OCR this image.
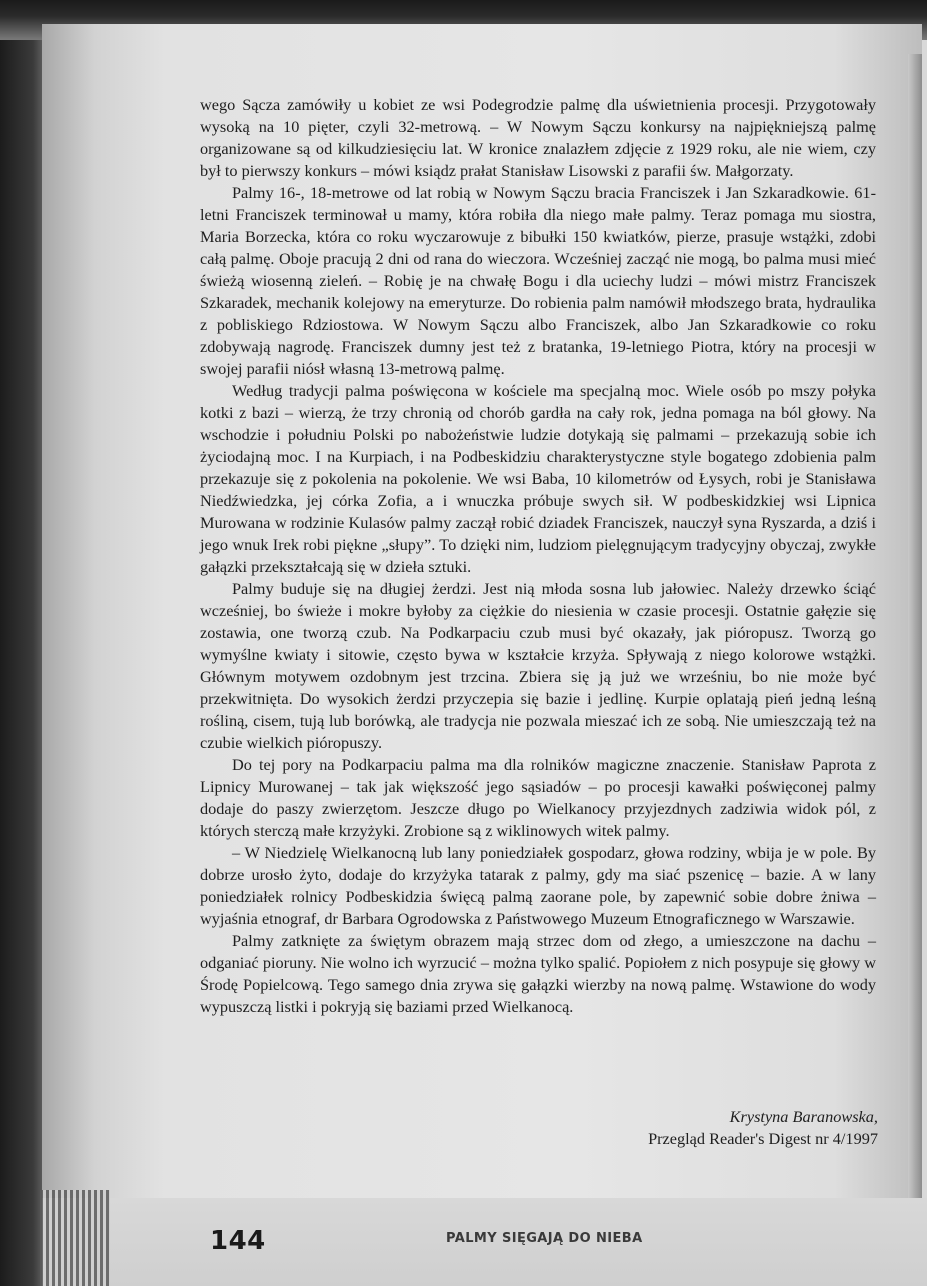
wego Sącza zamówiły u kobiet ze wsi Podegrodzie palmę dla uświetnienia procesji. Przygotowały wysoką na 10 pięter, czyli 32-metrową. – W Nowym Sączu konkursy na najpiękniejszą palmę organizowane są od kilkudziesięciu lat. W kronice znalazłem zdjęcie z 1929 roku, ale nie wiem, czy był to pierwszy konkurs – mówi ksiądz prałat Stanisław Lisowski z parafii św. Małgorzaty.

Palmy 16-, 18-metrowe od lat robią w Nowym Sączu bracia Franciszek i Jan Szkaradkowie. 61-letni Franciszek terminował u mamy, która robiła dla niego małe palmy. Teraz pomaga mu siostra, Maria Borzecka, która co roku wyczarowuje z bibułki 150 kwiatków, pierze, prasuje wstążki, zdobi całą palmę. Oboje pracują 2 dni od rana do wieczora. Wcześniej zacząć nie mogą, bo palma musi mieć świeżą wiosenną zieleń. – Robię je na chwałę Bogu i dla uciechy ludzi – mówi mistrz Franciszek Szkaradek, mechanik kolejowy na emeryturze. Do robienia palm namówił młodszego brata, hydraulika z pobliskiego Rdziostowa. W Nowym Sączu albo Franciszek, albo Jan Szkaradkowie co roku zdobywają nagrodę. Franciszek dumny jest też z bratanka, 19-letniego Piotra, który na procesji w swojej parafii niósł własną 13-metrową palmę.

Według tradycji palma poświęcona w kościele ma specjalną moc. Wiele osób po mszy połyka kotki z bazi – wierzą, że trzy chronią od chorób gardła na cały rok, jedna pomaga na ból głowy. Na wschodzie i południu Polski po nabożeństwie ludzie dotykają się palmami – przekazują sobie ich życiodajną moc. I na Kurpiach, i na Podbeskidziu charakterystyczne style bogatego zdobienia palm przekazuje się z pokolenia na pokolenie. We wsi Baba, 10 kilometrów od Łysych, robi je Stanisława Niedźwiedzka, jej córka Zofia, a i wnuczka próbuje swych sił. W podbeskidzkiej wsi Lipnica Murowana w rodzinie Kulasów palmy zaczął robić dziadek Franciszek, nauczył syna Ryszarda, a dziś i jego wnuk Irek robi piękne „słupy”. To dzięki nim, ludziom pielęgnującym tradycyjny obyczaj, zwykłe gałązki przekształcają się w dzieła sztuki.

Palmy buduje się na długiej żerdzi. Jest nią młoda sosna lub jałowiec. Należy drzewko ściąć wcześniej, bo świeże i mokre byłoby za ciężkie do niesienia w czasie procesji. Ostatnie gałęzie się zostawia, one tworzą czub. Na Podkarpaciu czub musi być okazały, jak pióropusz. Tworzą go wymyślne kwiaty i sitowie, często bywa w kształcie krzyża. Spływają z niego kolorowe wstążki. Głównym motywem ozdobnym jest trzcina. Zbiera się ją już we wrześniu, bo nie może być przekwitnięta. Do wysokich żerdzi przyczepia się bazie i jedlinę. Kurpie oplatają pień jedną leśną rośliną, cisem, tują lub borówką, ale tradycja nie pozwala mieszać ich ze sobą. Nie umieszczają też na czubie wielkich pióropuszy.

Do tej pory na Podkarpaciu palma ma dla rolników magiczne znaczenie. Stanisław Paprota z Lipnicy Murowanej – tak jak większość jego sąsiadów – po procesji kawałki poświęconej palmy dodaje do paszy zwierzętom. Jeszcze długo po Wielkanocy przyjezdnych zadziwia widok pól, z których sterczą małe krzyżyki. Zrobione są z wiklinowych witek palmy.

– W Niedzielę Wielkanocną lub lany poniedziałek gospodarz, głowa rodziny, wbija je w pole. By dobrze urosło żyto, dodaje do krzyżyka tatarak z palmy, gdy ma siać pszenicę – bazie. A w lany poniedziałek rolnicy Podbeskidzia święcą palmą zaorane pole, by zapewnić sobie dobre żniwa – wyjaśnia etnograf, dr Barbara Ogrodowska z Państwowego Muzeum Etnograficznego w Warszawie.

Palmy zatknięte za świętym obrazem mają strzec dom od złego, a umieszczone na dachu – odganiać pioruny. Nie wolno ich wyrzucić – można tylko spalić. Popiołem z nich posypuje się głowy w Środę Popielcową. Tego samego dnia zrywa się gałązki wierzby na nową palmę. Wstawione do wody wypuszczą listki i pokryją się baziami przed Wielkanocą.

Krystyna Baranowska,
Przegląd Reader's Digest nr 4/1997
144	PALMY SIĘGAJĄ DO NIEBA
